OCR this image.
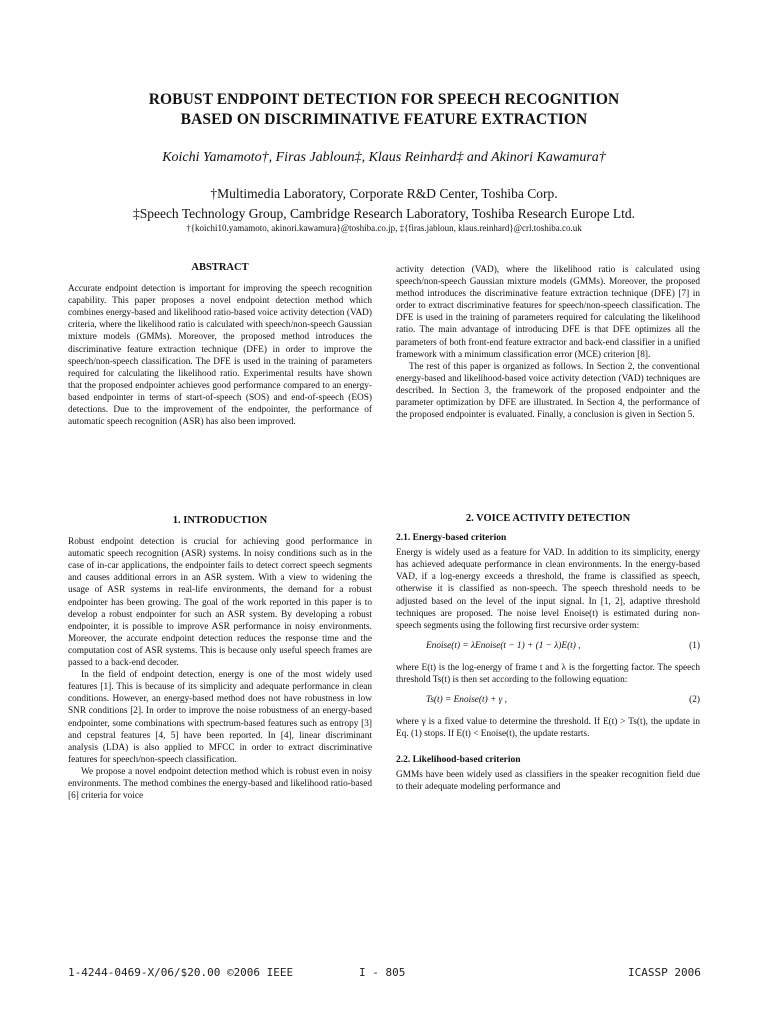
ROBUST ENDPOINT DETECTION FOR SPEECH RECOGNITION
BASED ON DISCRIMINATIVE FEATURE EXTRACTION
Koichi Yamamoto†, Firas Jabloun‡, Klaus Reinhard‡ and Akinori Kawamura†
†Multimedia Laboratory, Corporate R&D Center, Toshiba Corp.
‡Speech Technology Group, Cambridge Research Laboratory, Toshiba Research Europe Ltd.
†{koichi10.yamamoto, akinori.kawamura}@toshiba.co.jp, ‡{firas.jabloun, klaus.reinhard}@crl.toshiba.co.uk
ABSTRACT

Accurate endpoint detection is important for improving the speech recognition capability. This paper proposes a novel endpoint detection method which combines energy-based and likelihood ratio-based voice activity detection (VAD) criteria, where the likelihood ratio is calculated with speech/non-speech Gaussian mixture models (GMMs). Moreover, the proposed method introduces the discriminative feature extraction technique (DFE) in order to improve the speech/non-speech classification. The DFE is used in the training of parameters required for calculating the likelihood ratio. Experimental results have shown that the proposed endpointer achieves good performance compared to an energy-based endpointer in terms of start-of-speech (SOS) and end-of-speech (EOS) detections. Due to the improvement of the endpointer, the performance of automatic speech recognition (ASR) has also been improved.

1. INTRODUCTION

Robust endpoint detection is crucial for achieving good performance in automatic speech recognition (ASR) systems. In noisy conditions such as in the case of in-car applications, the endpointer fails to detect correct speech segments and causes additional errors in an ASR system. With a view to widening the usage of ASR systems in real-life environments, the demand for a robust endpointer has been growing. The goal of the work reported in this paper is to develop a robust endpointer for such an ASR system. By developing a robust endpointer, it is possible to improve ASR performance in noisy environments. Moreover, the accurate endpoint detection reduces the response time and the computation cost of ASR systems. This is because only useful speech frames are passed to a back-end decoder.

In the field of endpoint detection, energy is one of the most widely used features [1]. This is because of its simplicity and adequate performance in clean conditions. However, an energy-based method does not have robustness in low SNR conditions [2]. In order to improve the noise robustness of an energy-based endpointer, some combinations with spectrum-based features such as entropy [3] and cepstral features [4, 5] have been reported. In [4], linear discriminant analysis (LDA) is also applied to MFCC in order to extract discriminative features for speech/non-speech classification.

We propose a novel endpoint detection method which is robust even in noisy environments. The method combines the energy-based and likelihood ratio-based [6] criteria for voice

activity detection (VAD), where the likelihood ratio is calculated using speech/non-speech Gaussian mixture models (GMMs). Moreover, the proposed method introduces the discriminative feature extraction technique (DFE) [7] in order to extract discriminative features for speech/non-speech classification. The DFE is used in the training of parameters required for calculating the likelihood ratio. The main advantage of introducing DFE is that DFE optimizes all the parameters of both front-end feature extractor and back-end classifier in a unified framework with a minimum classification error (MCE) criterion [8].

The rest of this paper is organized as follows. In Section 2, the conventional energy-based and likelihood-based voice activity detection (VAD) techniques are described. In Section 3, the framework of the proposed endpointer and the parameter optimization by DFE are illustrated. In Section 4, the performance of the proposed endpointer is evaluated. Finally, a conclusion is given in Section 5.

2. VOICE ACTIVITY DETECTION
2.1. Energy-based criterion

Energy is widely used as a feature for VAD. In addition to its simplicity, energy has achieved adequate performance in clean environments. In the energy-based VAD, if a log-energy exceeds a threshold, the frame is classified as speech, otherwise it is classified as non-speech. The speech threshold needs to be adjusted based on the level of the input signal. In [1, 2], adaptive threshold techniques are proposed. The noise level Enoise(t) is estimated during non-speech segments using the following first recursive order system:

Enoise(t) = λEnoise(t − 1) + (1 − λ)E(t) ,	(1)

where E(t) is the log-energy of frame t and λ is the forgetting factor. The speech threshold Ts(t) is then set according to the following equation:

Ts(t) = Enoise(t) + γ ,	(2)

where γ is a fixed value to determine the threshold. If E(t) > Ts(t), the update in Eq. (1) stops. If E(t) < Enoise(t), the update restarts.

2.2. Likelihood-based criterion

GMMs have been widely used as classifiers in the speaker recognition field due to their adequate modeling performance and

1-4244-0469-X/06/$20.00 ©2006 IEEE	I - 805	ICASSP 2006
